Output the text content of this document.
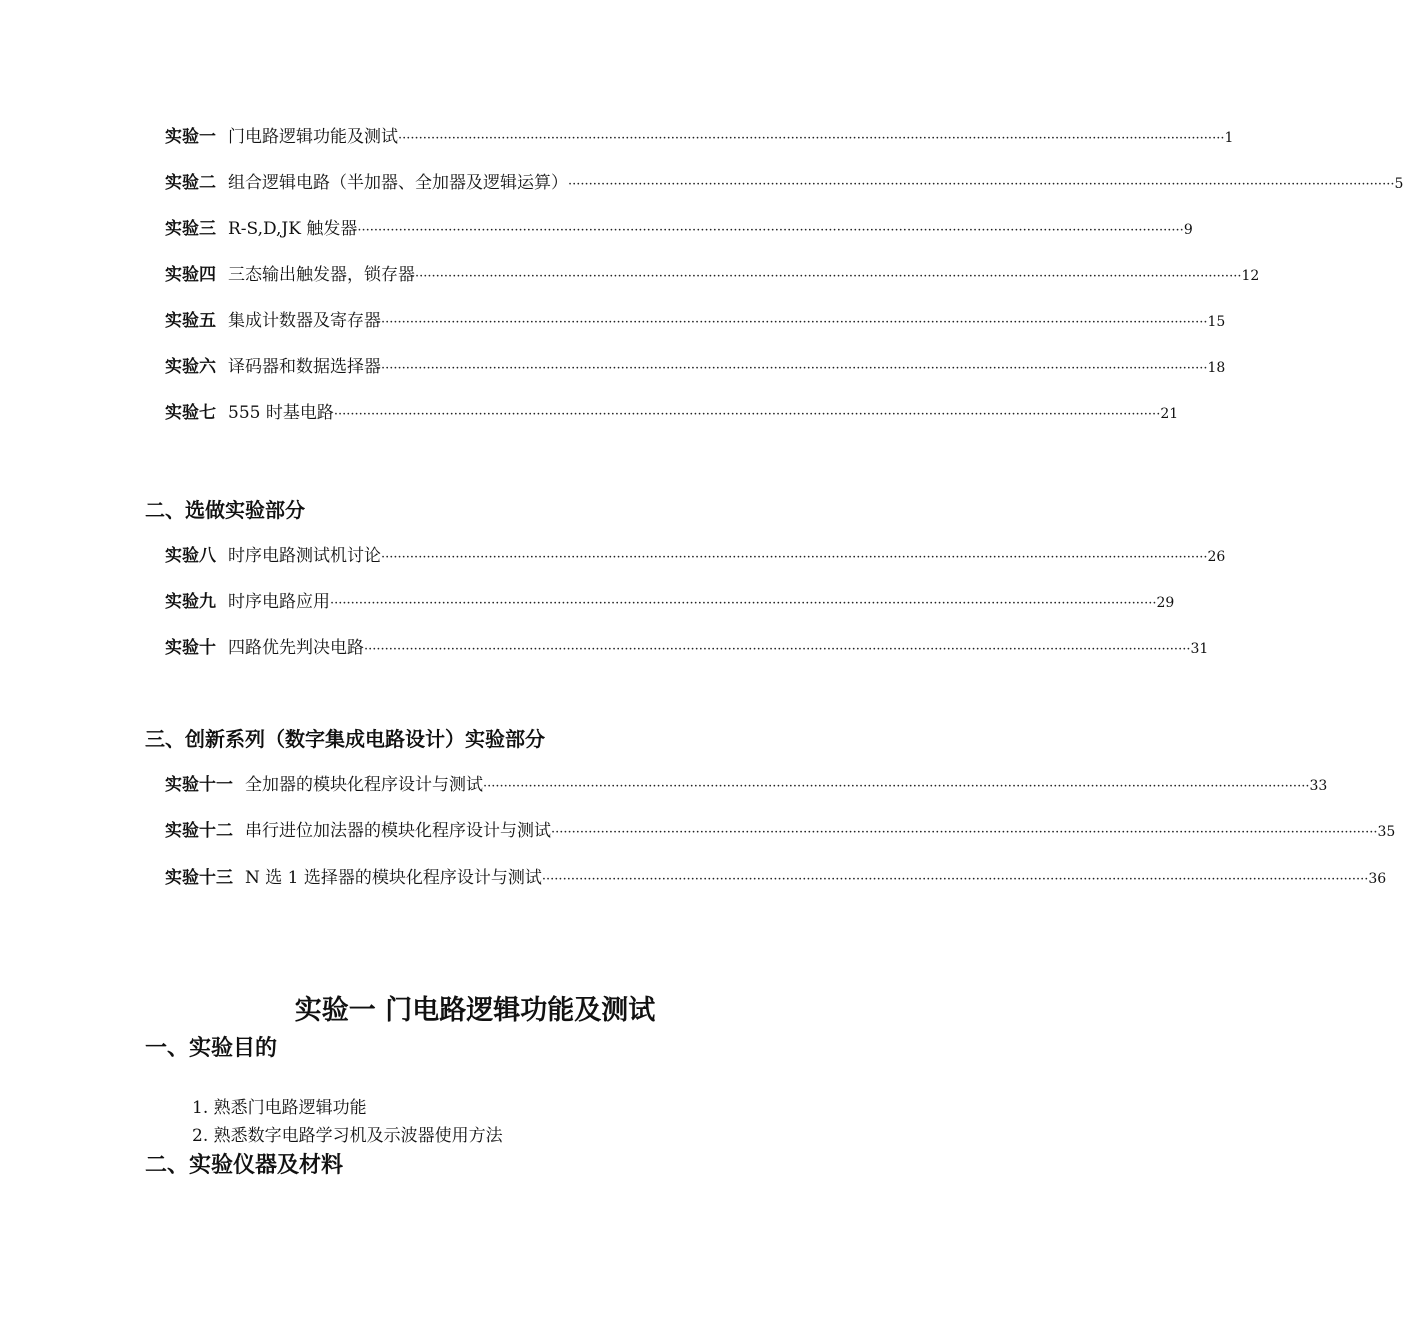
实验一 门电路逻辑功能及测试 ········································································································································································································ 1
实验二 组合逻辑电路（半加器、全加器及逻辑运算） ········································································································································································································ 5
实验三 R-S,D,JK 触发器 ········································································································································································································ 9
实验四 三态输出触发器，锁存器 ········································································································································································································ 12
实验五 集成计数器及寄存器 ········································································································································································································ 15
实验六 译码器和数据选择器 ········································································································································································································ 18
实验七 555 时基电路 ········································································································································································································ 21
二、选做实验部分
实验八 时序电路测试机讨论 ········································································································································································································ 26
实验九 时序电路应用 ········································································································································································································ 29
实验十 四路优先判决电路 ········································································································································································································ 31
三、创新系列（数字集成电路设计）实验部分
实验十一 全加器的模块化程序设计与测试 ········································································································································································································ 33
实验十二 串行进位加法器的模块化程序设计与测试 ········································································································································································································ 35
实验十三 N 选 1 选择器的模块化程序设计与测试 ········································································································································································································ 36
实验一 门电路逻辑功能及测试
一、实验目的
1. 熟悉门电路逻辑功能
2. 熟悉数字电路学习机及示波器使用方法
二、实验仪器及材料
